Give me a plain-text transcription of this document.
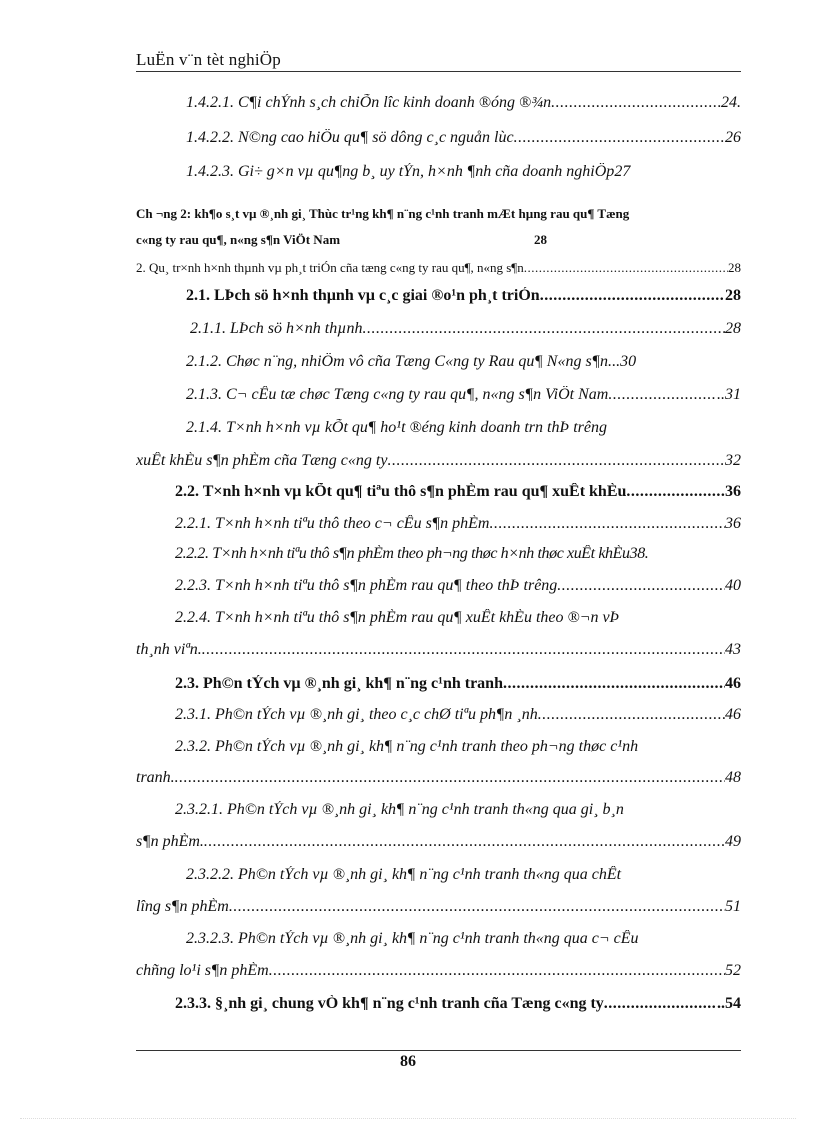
LuËn v¨n tèt nghiÖp
1.4.2.1. C¶i chÝnh s¸ch chiÕn lîc kinh doanh ®óng ®¾n .....	24.
1.4.2.2. N©ng cao hiÖu qu¶ sö dông c¸c nguån lùc .....	26
1.4.2.3. Gi÷ g×n vµ qu¶ng b¸ uy tÝn, h×nh ¶nh cña doanh nghiÖp 27
Ch ¬ng 2: kh¶o s¸t vµ ®¸nh gi¸ Thùc tr¹ng kh¶ n¨ng c¹nh tranh mÆt hµng rau qu¶ Tæng
c«ng ty rau qu¶, n«ng s¶n ViÖt Nam	28
2. Qu¸ tr×nh h×nh thµnh vµ ph¸t triÓn cña tæng c«ng ty rau qu¶, n«ng s¶n .....	28
2.1. LÞch sö h×nh thµnh vµ c¸c giai ®o¹n ph¸t triÓn .....	28
2.1.1. LÞch sö h×nh thµnh .....	28
2.1.2. Chøc n¨ng, nhiÖm vô cña Tæng C«ng ty Rau qu¶ N«ng s¶n. ..30
2.1.3. C¬ cÊu tæ chøc Tæng c«ng ty rau qu¶, n«ng s¶n ViÖt Nam .....	..31
2.1.4. T×nh h×nh vµ kÕt qu¶ ho¹t ®éng kinh doanh trn thÞ trêng
xuÊt khÈu s¶n phÈm cña Tæng c«ng ty .....	32
2.2. T×nh h×nh vµ kÕt qu¶ tiªu thô s¶n phÈm rau qu¶ xuÊt khÈu .....	36
2.2.1. T×nh h×nh tiªu thô theo c¬ cÊu s¶n phÈm .....	36
2.2.2. T×nh h×nh tiªu thô s¶n phÈm theo ph¬ng thøc h×nh thøc xuÊt khÈu38.
2.2.3. T×nh h×nh tiªu thô s¶n phÈm rau qu¶ theo thÞ trêng .....	40
2.2.4. T×nh h×nh tiªu thô s¶n phÈm rau qu¶ xuÊt khÈu theo ®¬n vÞ
th¸nh viªn. .....	43
2.3. Ph©n tÝch vµ ®¸nh gi¸ kh¶ n¨ng c¹nh tranh .....	46
2.3.1. Ph©n tÝch vµ ®¸nh gi¸ theo c¸c chØ tiªu ph¶n ¸nh .....	46
2.3.2. Ph©n tÝch vµ ®¸nh gi¸ kh¶ n¨ng c¹nh tranh theo ph¬ng thøc c¹nh
tranh. .....	48
2.3.2.1. Ph©n tÝch vµ ®¸nh gi¸ kh¶ n¨ng c¹nh tranh th«ng qua gi¸ b¸n
s¶n phÈm. .....	49
2.3.2.2. Ph©n tÝch vµ ®¸nh gi¸ kh¶ n¨ng c¹nh tranh th«ng qua chÊt
lîng s¶n phÈm .....	51
2.3.2.3. Ph©n tÝch vµ ®¸nh gi¸ kh¶ n¨ng c¹nh tranh th«ng qua c¬ cÊu
chñng lo¹i s¶n phÈm .....	52
2.3.3. §¸nh gi¸ chung vÒ kh¶ n¨ng c¹nh tranh cña Tæng c«ng ty .....	..54
86
